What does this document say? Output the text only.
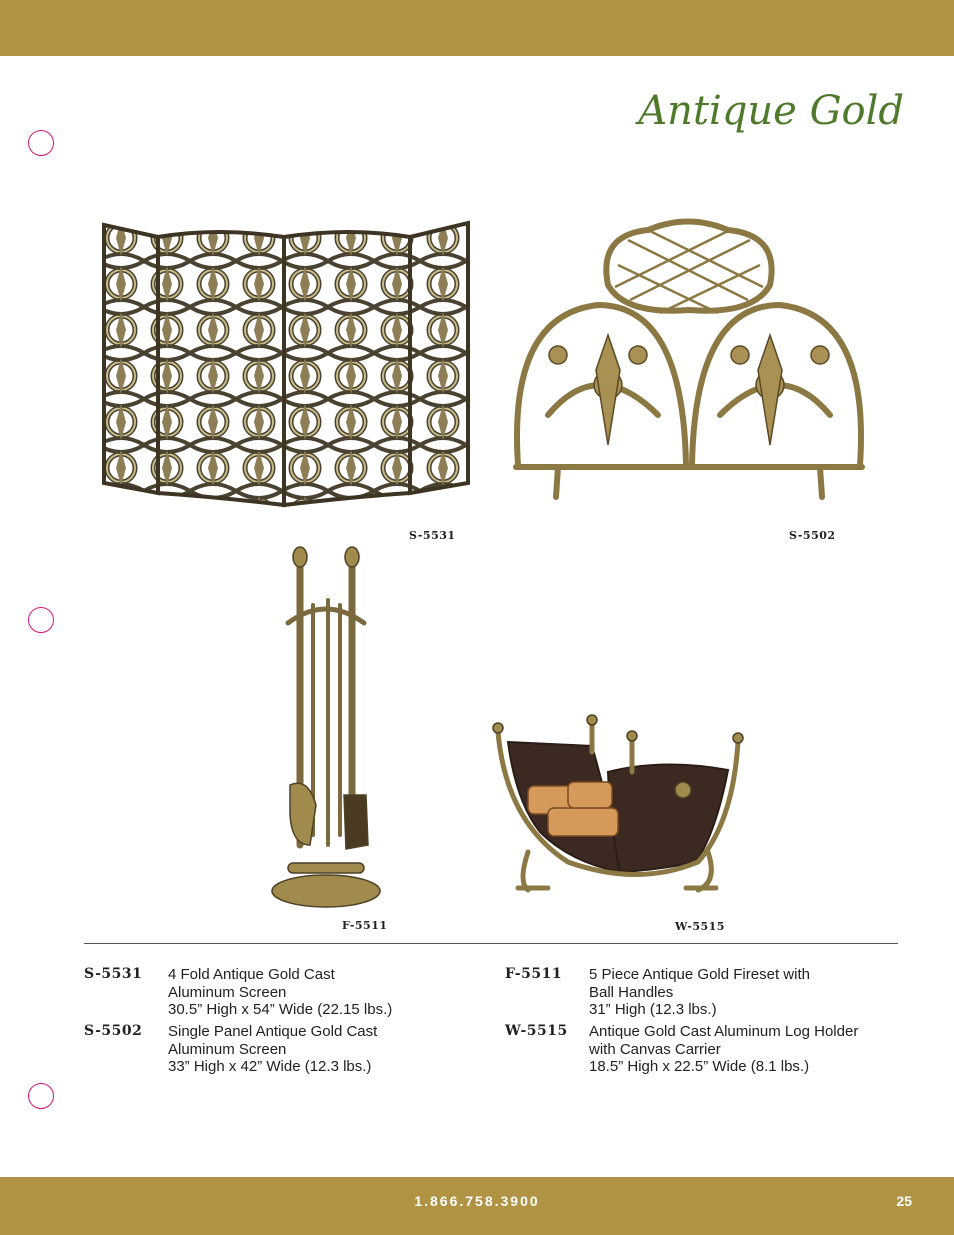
Antique Gold
S-5531	S-5502
F-5511	W-5515
S-5531 4 Fold Antique Gold Cast
Aluminum Screen
30.5” High x 54” Wide (22.15 lbs.)
S-5502 Single Panel Antique Gold Cast
Aluminum Screen
33” High x 42” Wide (12.3 lbs.)
F-5511 5 Piece Antique Gold Fireset with
Ball Handles
31” High (12.3 lbs.)
W-5515 Antique Gold Cast Aluminum Log Holder
with Canvas Carrier
18.5” High x 22.5” Wide (8.1 lbs.)
1.866.758.3900	25
